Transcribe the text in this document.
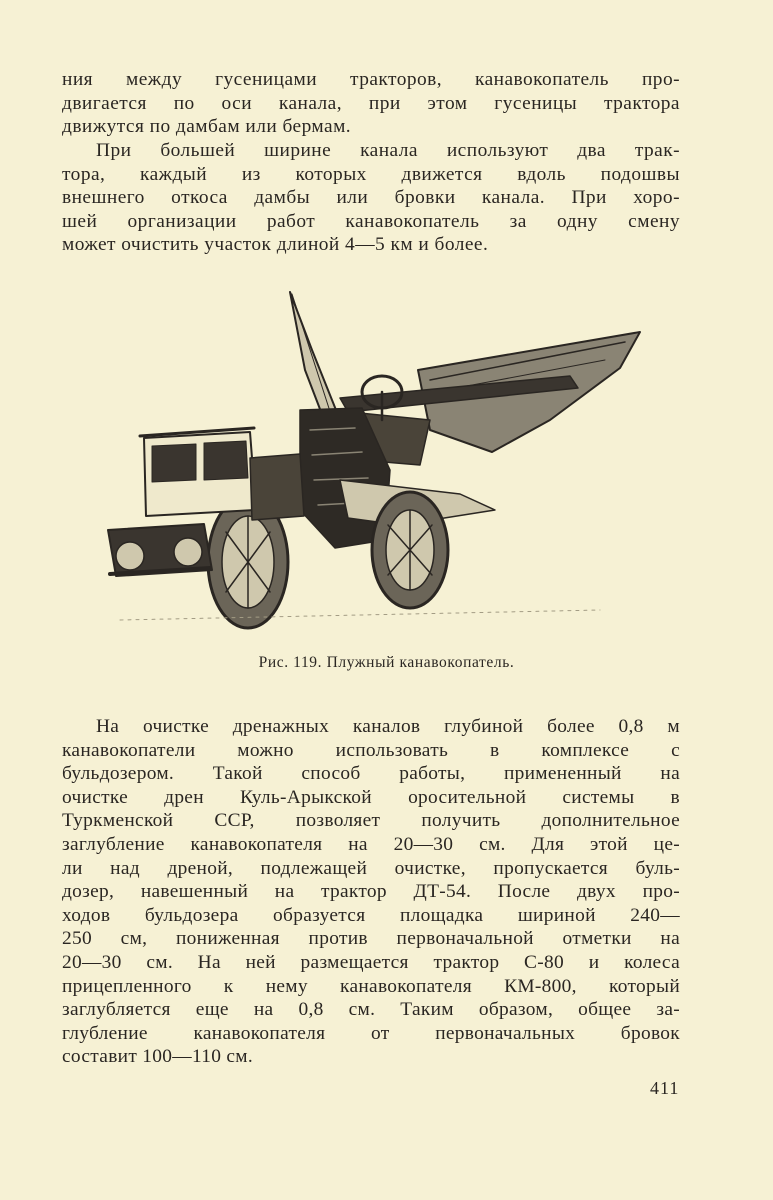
ния между гусеницами тракторов, канавокопатель про-
двигается по оси канала, при этом гусеницы трактора
движутся по дамбам или бермам.

При большей ширине канала используют два трак-
тора, каждый из которых движется вдоль подошвы
внешнего откоса дамбы или бровки канала. При хоро-
шей организации работ канавокопатель за одну смену
может очистить участок длиной 4—5 км и более.

Рис. 119. Плужный канавокопатель.

На очистке дренажных каналов глубиной более 0,8 м
канавокопатели можно использовать в комплексе с
бульдозером. Такой способ работы, примененный на
очистке дрен Куль-Арыкской оросительной системы в
Туркменской ССР, позволяет получить дополнительное
заглубление канавокопателя на 20—30 см. Для этой це-
ли над дреной, подлежащей очистке, пропускается буль-
дозер, навешенный на трактор ДТ-54. После двух про-
ходов бульдозера образуется площадка шириной 240—
250 см, пониженная против первоначальной отметки на
20—30 см. На ней размещается трактор С-80 и колеса
прицепленного к нему канавокопателя КМ-800, который
заглубляется еще на 0,8 см. Таким образом, общее за-
глубление канавокопателя от первоначальных бровок
составит 100—110 см.

411
